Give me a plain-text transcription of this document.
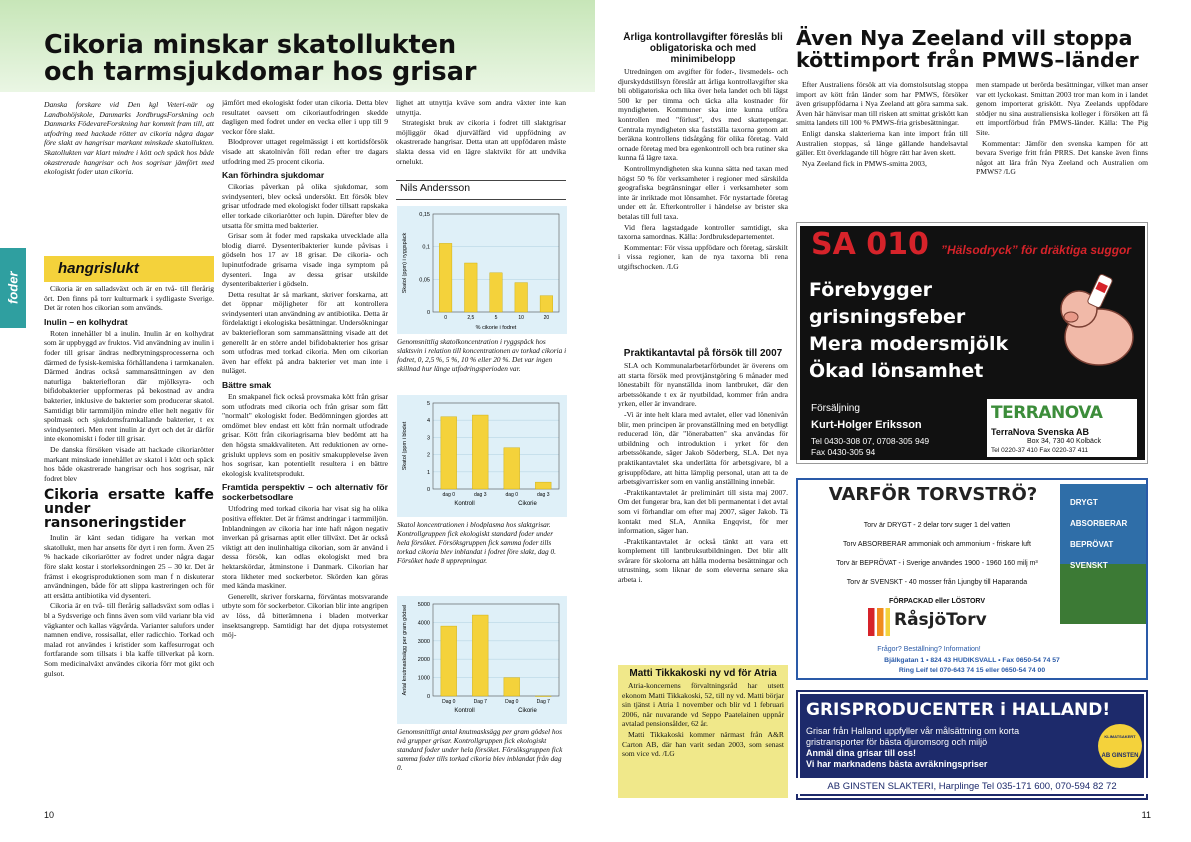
Cikoria minskar skatollukten
och tarmsjukdomar hos grisar
foder
hangrislukt

Danska forskare vid Den kgl Veteri-när og Landbohöjskole, Danmarks JordbrugsForskning och Danmarks FödevareForskning har kommit fram till, att utfodring med hackade rötter av cikoria några dagar före slakt av hangrisar markant minskade skatollukten. Skatollukten var klart mindre i kött och späck hos både okastrerade hangrisar och hos sogrisar jämfört med ekologiskt foder utan cikoria.

Cikoria är en salladsväxt och är en två- till flerårig ört. Den finns på torr kulturmark i sydligaste Sverige. Det är roten hos cikorian som används.

Inulin – en kolhydrat

Roten innehåller bl a inulin. Inulin är en kolhydrat som är uppbyggd av fruktos. Vid användning av inulin i foder till grisar ändras nedbrytningsprocesserna och därmed de fysisk-kemiska förhållandena i tarmkanalen. Därmed ändras också sammansättningen av den naturliga bakteriefloran där mjölksyra- och bifidobakterier uppformeras på bekostnad av andra bakterier, inklusive de bakterier som producerar skatol. Samtidigt blir tarmmiljön mindre eller helt negativ för spolmask och sjukdomsframkallande bakterier, t ex svindysenteri. Men rent inulin är dyrt och det är därför inte ekonomiskt i foder till grisar.

De danska försöken visade att hackade cikoriarötter markant minskade innehållet av skatol i kött och späck hos både okastrerade hangrisar och hos sogrisar, när fodret blev

Cikoria ersatte kaffe under ransoneringstider

Inulin är känt sedan tidigare ha verkan mot skatollukt, men har ansetts för dyrt i ren form. Även 25 % hackade cikoriarötter av fodret under några dagar före slakt kostar i storleksordningen 25 – 30 kr. Det är främst i ekogrisproduktionen som man f n diskuterar användningen, både för att slippa kastreringen och för att ersätta antibiotika vid dysenteri.

Cikoria är en två- till flerårig salladsväxt som odlas i bl a Sydsverige och finns även som vild varianr bla vid vägkanter och kallas vägvårda. Varianter salufors under namnen endive, rossisallat, eller radicchio. Torkad och malad rot användes i kristider som kaffesurrogat och fortfarande som tillsats i bla kaffe tillverkat på korn. Som medicinalväxt användes cikoria förr mot gikt och gulsot.

jämfört med ekologiskt foder utan cikoria. Detta blev resultatet oavsett om cikoriautfodringen skedde dagligen med fodret under en vecka eller i upp till 9 veckor före slakt.

Blodprover uttaget regelmässigt i ett kortidsförsök visade att skatolnivån föll redan efter tre dagars utfodring med 25 procent cikoria.

Kan förhindra sjukdomar

Cikorias påverkan på olika sjukdomar, som svindysenteri, blev också undersökt. Ett försök blev grisar utfodrade med ekologiskt foder tillsatt rapskaka eller torkade cikoriarötter och lupin. Därefter blev de utsatta för smitta med bakterier.

Grisar som åt foder med rapskaka utvecklade alla blodig diarré. Dysenteribakterier kunde påvisas i gödseln hos 17 av 18 grisar. De cikoria- och lupinutfodrade grisarna visade inga symptom på dysenteri. Inga av dessa grisar utskilde dysenteribakterier i gödseln.

Detta resultat är så markant, skriver forskarna, att det öppnar möjligheter för att kontrollera svindysenteri utan användning av antibiotika. Detta är fördelaktigt i ekologiska besättningar. Undersökningar av bakteriefloran som sammansättning visade att det generellt är en större andel bifidobakterier hos grisar som utfodras med torkad cikoria. Men om cikorian även har effekt på andra bakterier vet man inte i nuläget.

Bättre smak

En smakpanel fick också provsmaka kött från grisar som utfodrats med cikoria och från grisar som fått "normalt" ekologiskt foder. Bedömningen gjordes att omdömet blev endast ett kött från normalt utfodrade grisar. Kött från cikoriagrisarna blev bedömt att ha den högsta smakkvaliteten. Att reduktionen av orne- grislukt upplevs som en positiv smakupplevelse även hos sogrisar, kan potentiellt resultera i en bättre ekologisk kvalitetsprodukt.

Framtida perspektiv – och alternativ för sockerbetsodlare

Utfodring med torkad cikoria har visat sig ha olika positiva effekter. Det är främst andringar i tarmmiljön. Inblandningen av cikoria har inte haft någon negativ inverkan på grisarnas aptit eller tillväxt. Det är också viktigt att den inulinhaltiga cikorian, som är använd i dessa försök, kan odlas ekologiskt med bra hektarskördar, åtminstone i Danmark. Cikorian har stora likheter med sockerbetor. Skörden kan göras med kända maskiner.

Generellt, skriver forskarna, förväntas motsvarande utbyte som för sockerbetor. Cikorian blir inte angripen av löss, då bitterämnena i bladen motverkar insektsangrepp. Samtidigt har det djupa rotsystemet möj-

lighet att utnyttja kväve som andra växter inte kan utnyttja.

Strategiskt bruk av cikoria i fodret till slaktgrisar möjliggör ökad djurvälfärd vid uppfödning av okastrerade hangrisar. Detta utan att uppfödaren måste slakta dessa vid en lägre slaktvikt för att undvika ornelukt.

Nils Andersson
0
0,05
0,1
0,15
0	2,5	5	10	20
% cikorie i fodret
Skatol (ppm) i ryggspäck
Genomsnittlig skatolkoncentration i ryggspäck hos slaktsvin i relation till koncentrationen av torkad cikoria i fodret, 0, 2,5 %, 5 %, 10 % eller 20 %. Det var ingen skillnad hur länge utfodringsperioden var.
0
1
2
3
4
5
dag 0	dag 3	dag 0	dag 3
Kontroll	Cikorie
Skatol (ppm i blodet
Skatol koncentrationen i blodplasma hos slaktgrisar. Kontrollgruppen fick ekologiskt standard foder under hela försöket. Försöksgruppen fick samma foder tills torkad cikoria blev inblandat i fodret före slakt, dag 0. Försöket hade 8 upprepningar.
0
1000
2000
3000
4000
5000
Dag 0	Dag 7	Dag 0	Dag 7
Kontroll	Cikorie
Antal knutmasksägg per gram gödsel
Genomsnittligt antal knutmasksägg per gram gödsel hos två grupper grisar. Kontrollgruppen fick ekologiskt standard foder under hela försöket. Försöksgruppen fick samma foder tills torkad cikoria blev inblandat från dag 0.
10
Årliga kontrollavgifter föreslås bli obligatoriska och med minimibelopp

Utredningen om avgifter för foder-, livsmedels- och djurskyddstillsyn föreslår att årliga kontrollavgifter ska bli obligatoriska och lika över hela landet och bli lägst 500 kr per timma och täcka alla kostnader för myndigheten. Kommuner ska inte kunna utföra kontrollen med "förlust", dvs med skattepengar. Centrala myndigheten ska fastställa taxorna genom att beräkna kontrollens tidsåtgång för olika företag. Vald ornade företag med bra egenkontroll och bra rutiner ska kunna få lägre taxa.

Kontrollmyndigheten ska kunna sätta ned taxan med högst 50 % för verksamheter i regioner med särskilda geografiska begränsningar eller i verksamheter som inte är inriktade mot lönsamhet. För nystartade företag under ett år. Efterkontroller i händelse av brister ska betalas till full taxa.

Vid flera lagstadgade kontroller samtidigt, ska taxorna samordnas. Källa: Jordbruksdepartementet.

Kommentar: För vissa uppfödare och företag, särskilt i vissa regioner, kan de nya taxorna bli rena utgiftschocken. /LG

Praktikantavtal på försök till 2007

SLA och Kommunalarbetarförbundet är överens om att starta försök med provtjänstgöring 6 månader med lönestabilt för nyanställda inom lantbruket, där den arbetssökande t ex är nyutbildad, kommer från andra yrken, eller är invandrare.

-Vi är inte helt klara med avtalet, eller vad lönenivån blir, men principen är provanställning med en betydligt reducerad lön, där "lönerabatten" ska användas för utbildning och introduktion i yrket för den arbetssökande, säger Jakob Söderberg, SLA. Det nya praktikantavtalet ska underlätta för arbetsgivare, bl a grisuppfödare, att hitta lämplig personal, utan att ta de arbetsgivarrisker som en vanlig anställning innebär.

-Praktikantavtalet är preliminärt till sista maj 2007. Om det fungerar bra, kan det bli permanentat i det avtal som vi förhandlar om efter maj 2007, säger Jakob. Tä kontakt med SLA, Annika Engqvist, för mer information, säger han.

-Praktikantavtalet är också tänkt att vara ett komplement till lantbruksutbildningen. Det blir allt svårare för skolorna att hålla moderna besättningar och utrustning, som liknar de som eleverna senare ska arbeta i.

Matti Tikkakoski ny vd för Atria

Atria-koncernens förvaltningsråd har utsett ekonom Matti Tikkakoski, 52, till ny vd. Matti börjar sin tjänst i Atria 1 november och blir vd 1 februari 2006, när nuvarande vd Seppo Paatelainen uppnår avtalad pensionsålder, 62 år.

Matti Tikkakoski kommer närmast från A&R Carton AB, där han varit sedan 2003, som senast som vice vd. /LG

Även Nya Zeeland vill stoppa
köttimport från PMWS–länder

Efter Australiens försök att via domstolsutslag stoppa import av kött från länder som har PMWS, försöker även grisuppfödarna i Nya Zeeland att göra samma sak. Även här hänvisar man till risken att smittat griskött kan smitta landets till 100 % PMWS-fria grisbesättningar.

Enligt danska slakterierna kan inte import från till Australien stoppas, så länge gällande handelsavtal gäller. Ett överklagande till högre rätt har även skett.

Nya Zeeland fick in PMWS-smitta 2003,

men stampade ut berörda besättningar, vilket man anser var ett lyckokast. Smittan 2003 tror man kom in i landet genom importerat griskött. Nya Zeelands uppfödare stödjer nu sina australiensiska kolleger i försöken att få ett importförbud från PMWS-länder. Källa: The Pig Site.

Kommentar: Jämför den svenska kampen för att bevara Sverige fritt från PRRS. Det kanske även finns något att lära från Nya Zeeland och Australien om PMWS? /LG

SA 010 ”Hälsodryck” för dräktiga suggor
Förebygger
grisningsfeber
Mera modersmjölk
Ökad lönsamhet
Försäljning
Kurt-Holger Eriksson
Tel 0430-308 07, 0708-305 949
Fax 0430-305 94
TERRANOVA
TerraNova Svenska AB
Box 34, 730 40 Kolbäck
Tel 0220-37 410 Fax 0220-37 411
VARFÖR TORVSTRÖ?
Torv är DRYGT - 2 delar torv suger 1 del vatten
Torv ABSORBERAR ammoniak och ammonium - friskare luft
Torv är BEPRÖVAT - i Sverige användes 1900 - 1960 160 milj m³
Torv är SVENSKT - 40 mosser från Ljungby till Haparanda
FÖRPACKAD eller LÖSTORV
DRYGT
ABSORBERAR
BEPRÖVAT
SVENSKT
RåsjöTorv
Frågor? Beställning? Information!
Bjälkgatan 1 • 824 43 HUDIKSVALL • Fax 0650-54 74 57
Ring Leif tel 070-643 74 15 eller 0650-54 74 00
GRISPRODUCENTER i HALLAND!
Grisar från Halland uppfyller vår målsättning om korta
gristransporter för bästa djuromsorg och miljö
Anmäl dina grisar till oss!
Vi har marknadens bästa avräkningspriser
KLIMATSAKERT
AB GINSTEN
AB GINSTEN SLAKTERI, Harplinge Tel 035-171 600, 070-594 82 72
11
